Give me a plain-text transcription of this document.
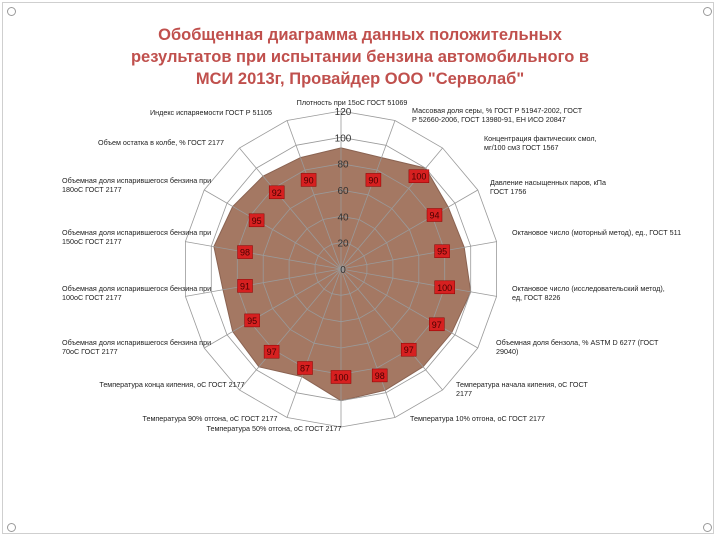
Обобщенная диаграмма данных положительных
результатов при испытании бензина автомобильного в
МСИ 2013г, Провайдер ООО "Серволаб"
0
20
40
60
80
100
120
Плотность при 15оС ГОСТ 51069
Массовая доля серы, % ГОСТ Р 51947-2002, ГОСТ Р 52660-2006, ГОСТ 13980-91, ЕН ИСО 20847
Концентрация фактических смол, мг/100 см3 ГОСТ 1567
Давление насыщенных паров, кПа ГОСТ 1756
Октановое число (моторный метод), ед., ГОСТ 511
Октановое число (исследовательский метод), ед, ГОСТ 8226
Объемная доля бензола, % ASTM D 6277 (ГОСТ 29040)
Температура начала кипения, оС ГОСТ 2177
Температура 10% отгона, оС ГОСТ 2177
Температура 50% отгона, оС ГОСТ 2177
Температура 90% отгона, оС ГОСТ 2177
Температура конца кипения, оС ГОСТ 2177
Объемная доля испарившегося бензина при 70оС ГОСТ 2177
Объемная доля испарившегося бензина при 100оС ГОСТ 2177
Объемная доля испарившегося бензина при 150оС ГОСТ 2177
Объемная доля испарившегося бензина при 180оС ГОСТ 2177
Объем остатка в колбе, % ГОСТ 2177
Индекс испаряемости ГОСТ Р 51105
90	100
94
95
100
97
97
98
100
87
97
95
91
98
95
92
90
